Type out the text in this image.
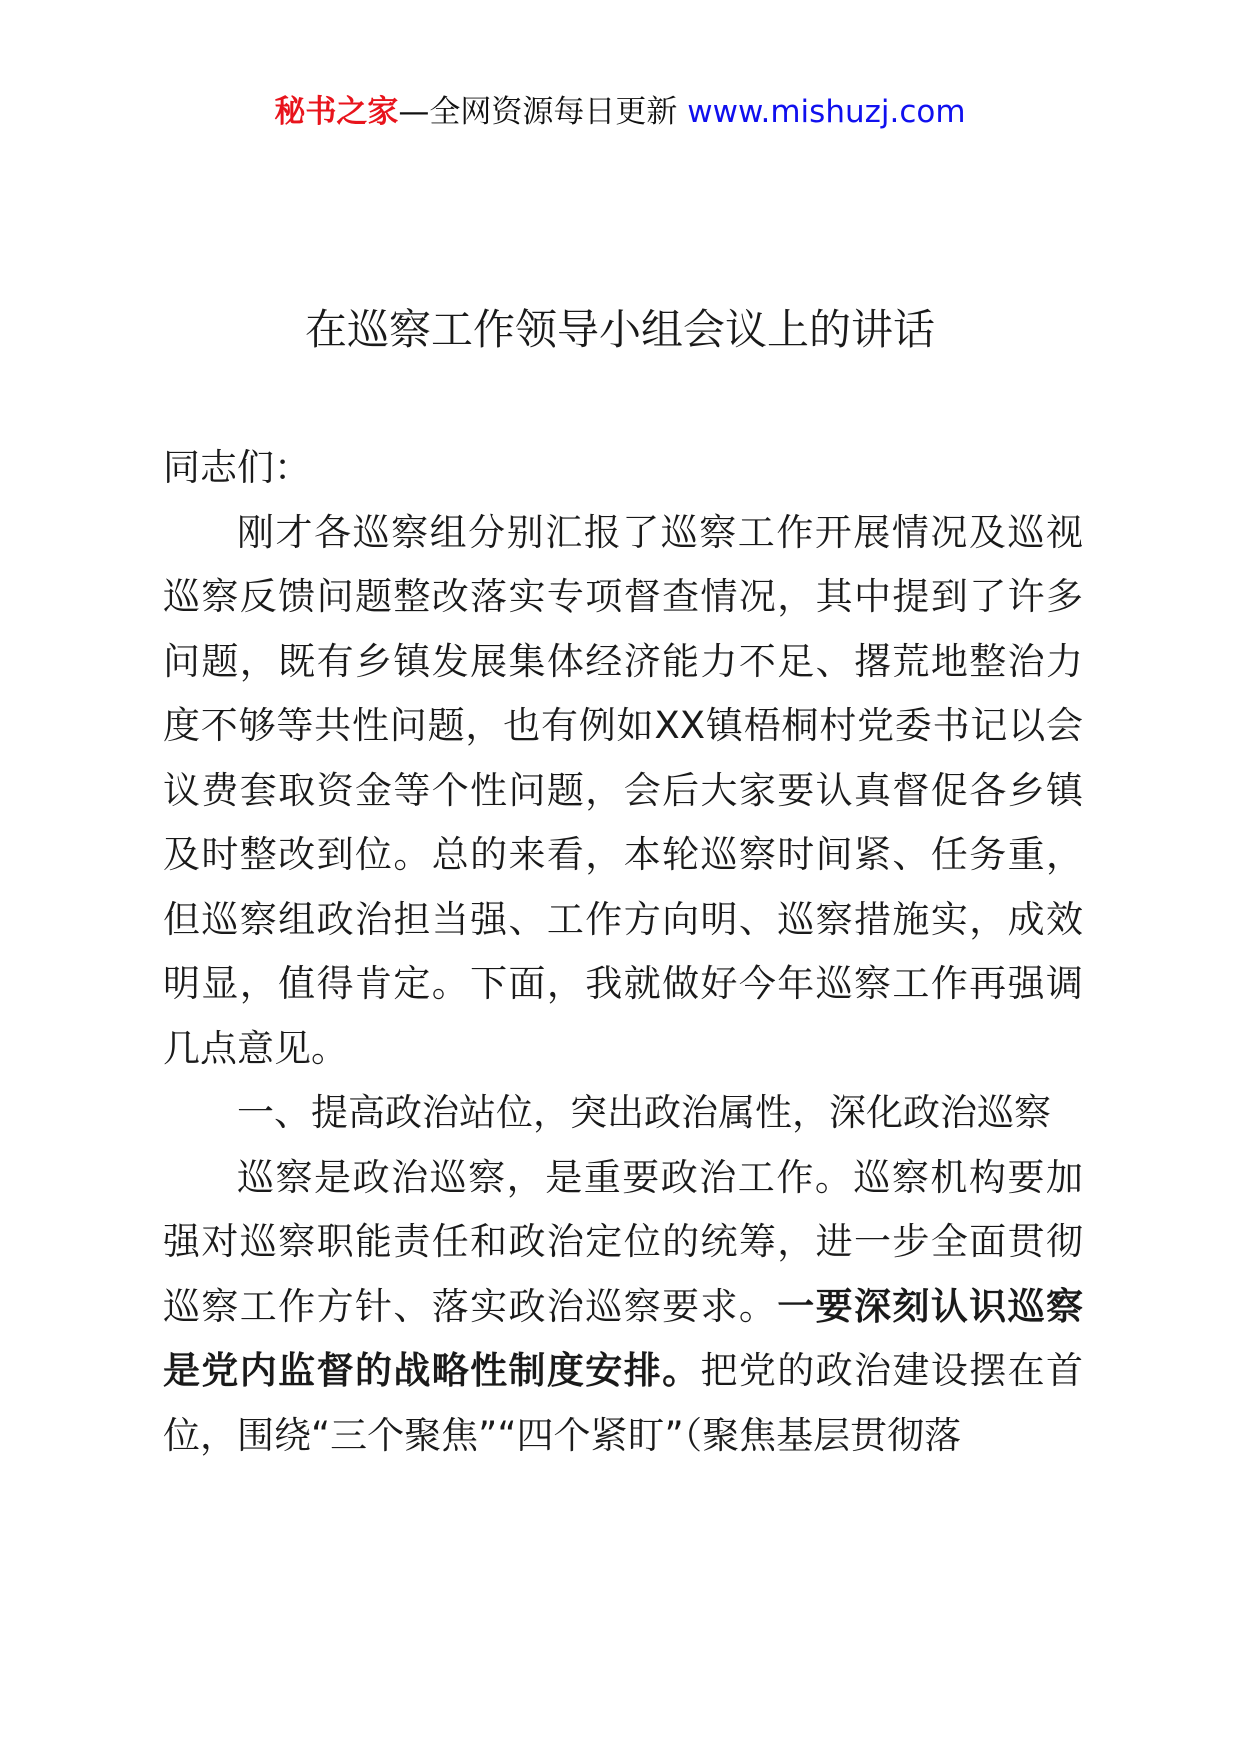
秘书之家—全网资源每日更新 www.mishuzj.com
在巡察工作领导小组会议上的讲话

同志们：

刚才各巡察组分别汇报了巡察工作开展情况及巡视巡察反馈问题整改落实专项督查情况，其中提到了许多问题，既有乡镇发展集体经济能力不足、撂荒地整治力度不够等共性问题，也有例如XX镇梧桐村党委书记以会议费套取资金等个性问题，会后大家要认真督促各乡镇及时整改到位。总的来看，本轮巡察时间紧、任务重，但巡察组政治担当强、工作方向明、巡察措施实，成效明显，值得肯定。下面，我就做好今年巡察工作再强调几点意见。

一、提高政治站位，突出政治属性，深化政治巡察

巡察是政治巡察，是重要政治工作。巡察机构要加强对巡察职能责任和政治定位的统筹，进一步全面贯彻巡察工作方针、落实政治巡察要求。一要深刻认识巡察是党内监督的战略性制度安排。把党的政治建设摆在首位，围绕“三个聚焦”“四个紧盯”（聚焦基层贯彻落
